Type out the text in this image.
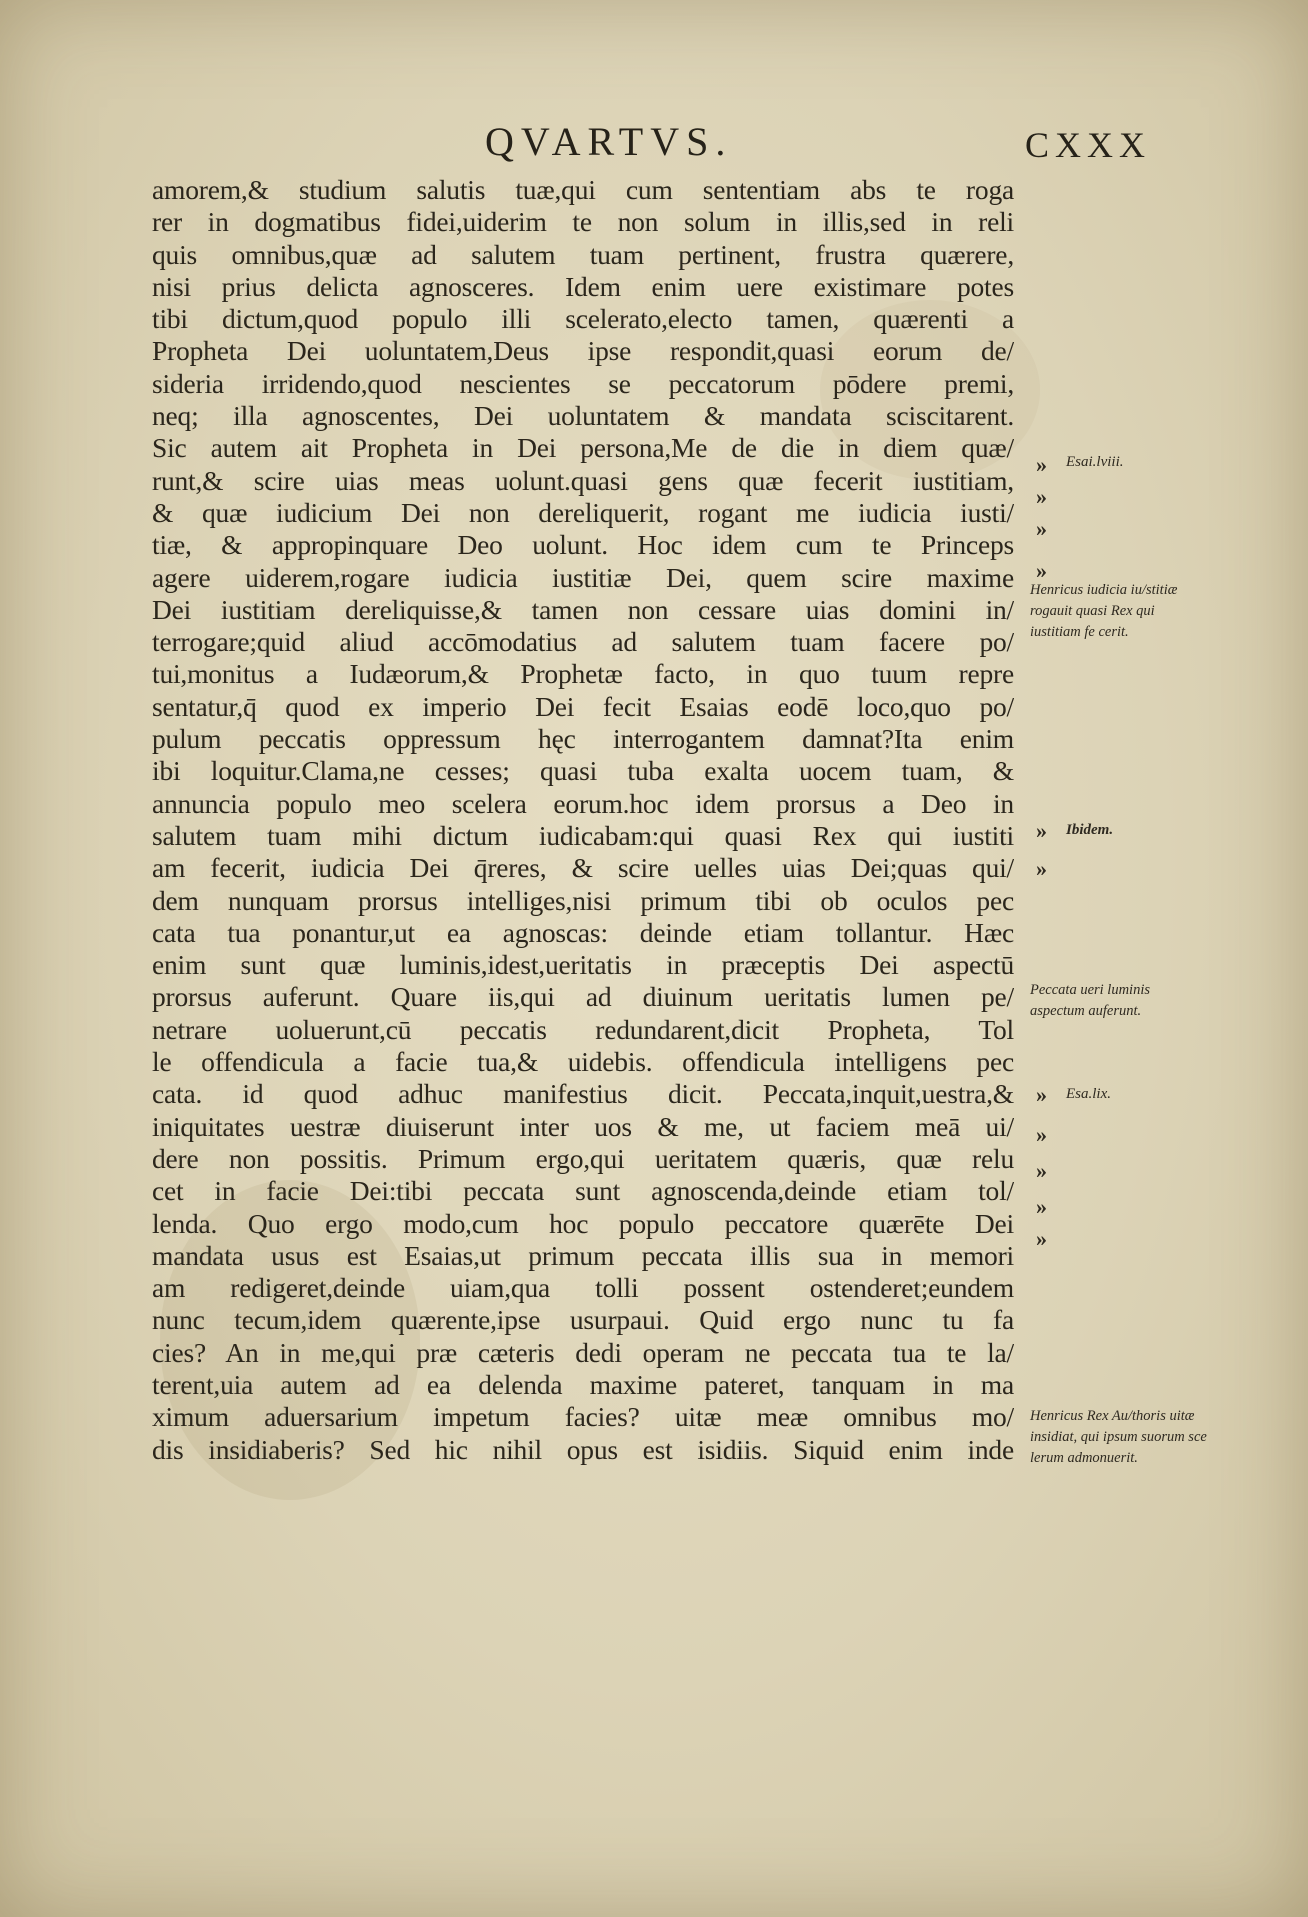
QVARTVS.	CXXX
amorem,& studium salutis tuæ,qui cum sententiam abs te roga
rer in dogmatibus fidei,uiderim te non solum in illis,sed in reli
quis omnibus,quæ ad salutem tuam pertinent, frustra quærere,
nisi prius delicta agnosceres. Idem enim uere existimare potes
tibi dictum,quod populo illi scelerato,electo tamen, quærenti a
Propheta Dei uoluntatem,Deus ipse respondit,quasi eorum de/
sideria irridendo,quod nescientes se peccatorum pōdere premi,
neq; illa agnoscentes, Dei uoluntatem & mandata sciscitarent.
Sic autem ait Propheta in Dei persona,Me de die in diem quæ/
runt,& scire uias meas uolunt.quasi gens quæ fecerit iustitiam,
& quæ iudicium Dei non dereliquerit, rogant me iudicia iusti/
tiæ, & appropinquare Deo uolunt. Hoc idem cum te Princeps
agere uiderem,rogare iudicia iustitiæ Dei, quem scire maxime
Dei iustitiam dereliquisse,& tamen non cessare uias domini in/
terrogare;quid aliud accōmodatius ad salutem tuam facere po/
tui,monitus a Iudæorum,& Prophetæ facto, in quo tuum repre
sentatur,q̄ quod ex imperio Dei fecit Esaias eodē loco,quo po/
pulum peccatis oppressum hęc interrogantem damnat?Ita enim
ibi loquitur.Clama,ne cesses; quasi tuba exalta uocem tuam, &
annuncia populo meo scelera eorum.hoc idem prorsus a Deo in
salutem tuam mihi dictum iudicabam:qui quasi Rex qui iustiti
am fecerit, iudicia Dei q̄reres, & scire uelles uias Dei;quas qui/
dem nunquam prorsus intelliges,nisi primum tibi ob oculos pec
cata tua ponantur,ut ea agnoscas: deinde etiam tollantur. Hæc
enim sunt quæ luminis,idest,ueritatis in præceptis Dei aspectū
prorsus auferunt. Quare iis,qui ad diuinum ueritatis lumen pe/
netrare uoluerunt,cū peccatis redundarent,dicit Propheta, Tol
le offendicula a facie tua,& uidebis. offendicula intelligens pec
cata. id quod adhuc manifestius dicit. Peccata,inquit,uestra,&
iniquitates uestræ diuiserunt inter uos & me, ut faciem meā ui/
dere non possitis. Primum ergo,qui ueritatem quæris, quæ relu
cet in facie Dei:tibi peccata sunt agnoscenda,deinde etiam tol/
lenda. Quo ergo modo,cum hoc populo peccatore quærēte Dei
mandata usus est Esaias,ut primum peccata illis sua in memori
am redigeret,deinde uiam,qua tolli possent ostenderet;eundem
nunc tecum,idem quærente,ipse usurpaui. Quid ergo nunc tu fa
cies? An in me,qui præ cæteris dedi operam ne peccata tua te la/
terent,uia autem ad ea delenda maxime pateret, tanquam in ma
ximum aduersarium impetum facies? uitæ meæ omnibus mo/
dis insidiaberis? Sed hic nihil opus est isidiis. Siquid enim inde
» Esai.lviii.
»
»
»
Henricus iudicia iu/stitiæ rogauit quasi Rex qui iustitiam fe cerit.
» Ibidem.
»
Peccata ueri luminis aspectum auferunt.
» Esa.lix.
»
»
»
»
Henricus Rex Au/thoris uitæ insidiat, qui ipsum suorum sce lerum admonuerit.
